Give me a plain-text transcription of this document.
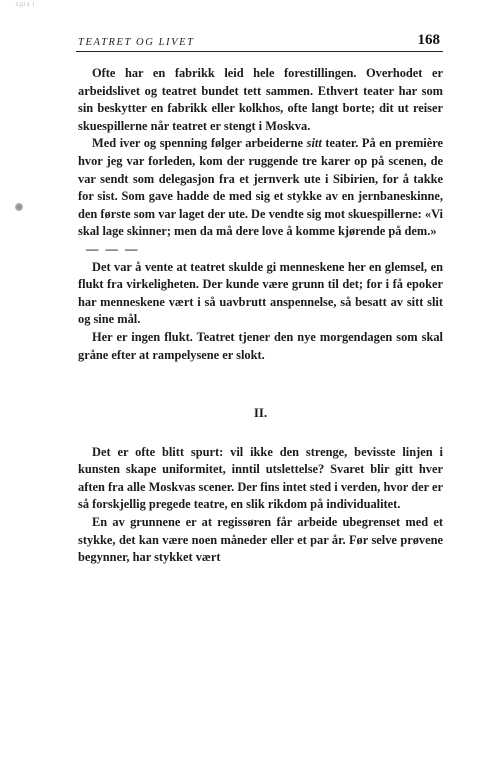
· ѕдіз і
TEATRET OG LIVET	168

Ofte har en fabrikk leid hele forestillingen. Overhodet er arbeidslivet og teatret bundet tett sammen. Ethvert teater har som sin beskytter en fabrikk eller kolkhos, ofte langt borte; dit ut reiser skuespillerne når teatret er stengt i Moskva.

Med iver og spenning følger arbeiderne sitt teater. På en première hvor jeg var forleden, kom der ruggende tre karer op på scenen, de var sendt som delegasjon fra et jernverk ute i Sibirien, for å takke for sist. Som gave hadde de med sig et stykke av en jernbaneskinne, den første som var laget der ute. De vendte sig mot skuespillerne: «Vi skal lage skinner; men da må dere love å komme kjørende på dem.»

— — —

Det var å vente at teatret skulde gi menneskene her en glemsel, en flukt fra virkeligheten. Der kunde være grunn til det; for i få epoker har menneskene vært i så uavbrutt anspennelse, så besatt av sitt slit og sine mål.

Her er ingen flukt. Teatret tjener den nye morgendagen som skal gråne efter at rampelysene er slokt.

II.

Det er ofte blitt spurt: vil ikke den strenge, bevisste linjen i kunsten skape uniformitet, inntil utslettelse? Svaret blir gitt hver aften fra alle Moskvas scener. Der fins intet sted i verden, hvor der er så forskjellig pregede teatre, en slik rikdom på individualitet.

En av grunnene er at regissøren får arbeide ubegrenset med et stykke, det kan være noen måneder eller et par år. Før selve prøvene begynner, har stykket vært
